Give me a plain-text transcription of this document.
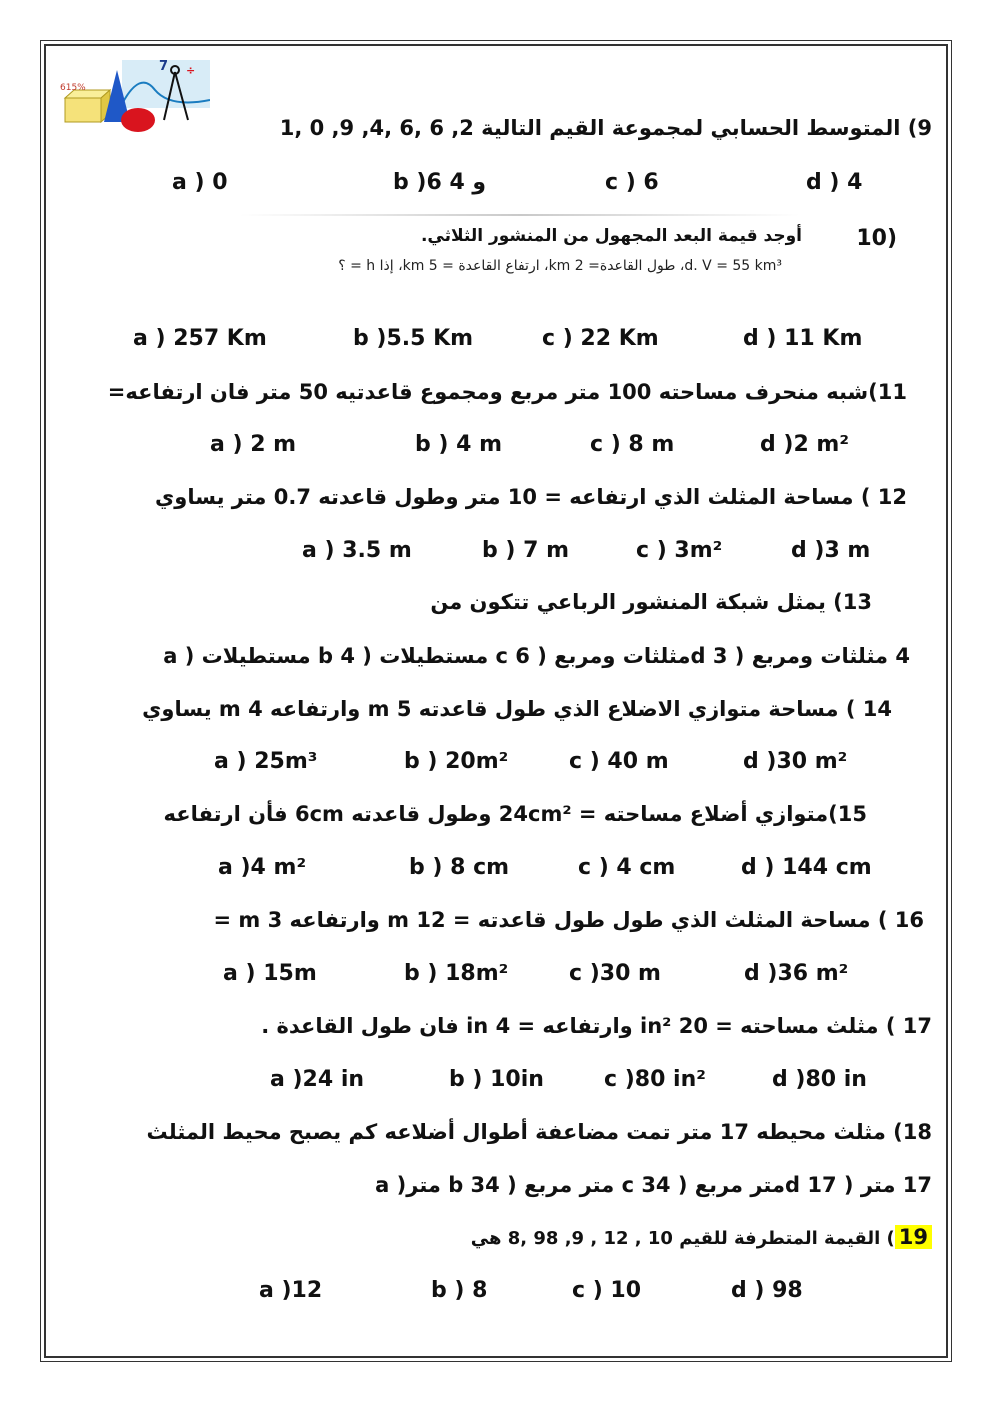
7 ÷
615%
9) المتوسط الحسابي لمجموعة القيم التالية 2, 6 ,6 ,4, 9, 0 ,1
a ) 0	b )6 و 4	c ) 6	d ) 4
أوجد قيمة البعد المجهول من المنشور الثلاثي.
d. V = 55 km³، طول القاعدة= 2 km، ارتفاع القاعدة = 5 km، إذا h = ؟
10)
a ) 257 Km	b )5.5 Km	c ) 22 Km	d ) 11 Km
11)شبه منحرف مساحته 100 متر مربع ومجموع قاعدتيه 50 متر فان ارتفاعه=
a ) 2 m	b ) 4 m	c ) 8 m	d )2 m²
12 ) مساحة المثلث الذي ارتفاعه = 10 متر وطول قاعدته 0.7 متر يساوي
a ) 3.5 m	b ) 7 m	c ) 3m²	d )3 m
13) يمثل شبكة المنشور الرباعي تتكون من
4 مثلثات ومربع ( d 3مثلثات ومربع ( c 6 مستطيلات ( b 4 مستطيلات ( a
14 ) مساحة متوازي الاضلاع الذي طول قاعدته 5 m وارتفاعه 4 m يساوي
a ) 25m³	b ) 20m²	c ) 40 m	d )30 m²
15)متوازي أضلاع مساحته = 24cm² وطول قاعدته 6cm فأن ارتفاعه
a )4 m²	b ) 8 cm	c ) 4 cm	d ) 144 cm
16 ) مساحة المثلث الذي طول طول قاعدته = 12 m وارتفاعه 3 m =
a ) 15m	b ) 18m²	c )30 m	d )36 m²
17 ) مثلث مساحته = 20 in² وارتفاعه = 4 in فان طول القاعدة .
a )24 in	b ) 10in	c )80 in²	d )80 in
18) مثلث محيطه 17 متر تمت مضاعفة أطوال أضلاعه كم يصبح محيط المثلث
17 متر ( d 17متر مربع ( c 34 متر مربع ( b 34 متر( a
19) القيمة المتطرفة للقيم 10 , 12 , 9, 98 ,8 هي
a )12	b ) 8	c ) 10	d ) 98
